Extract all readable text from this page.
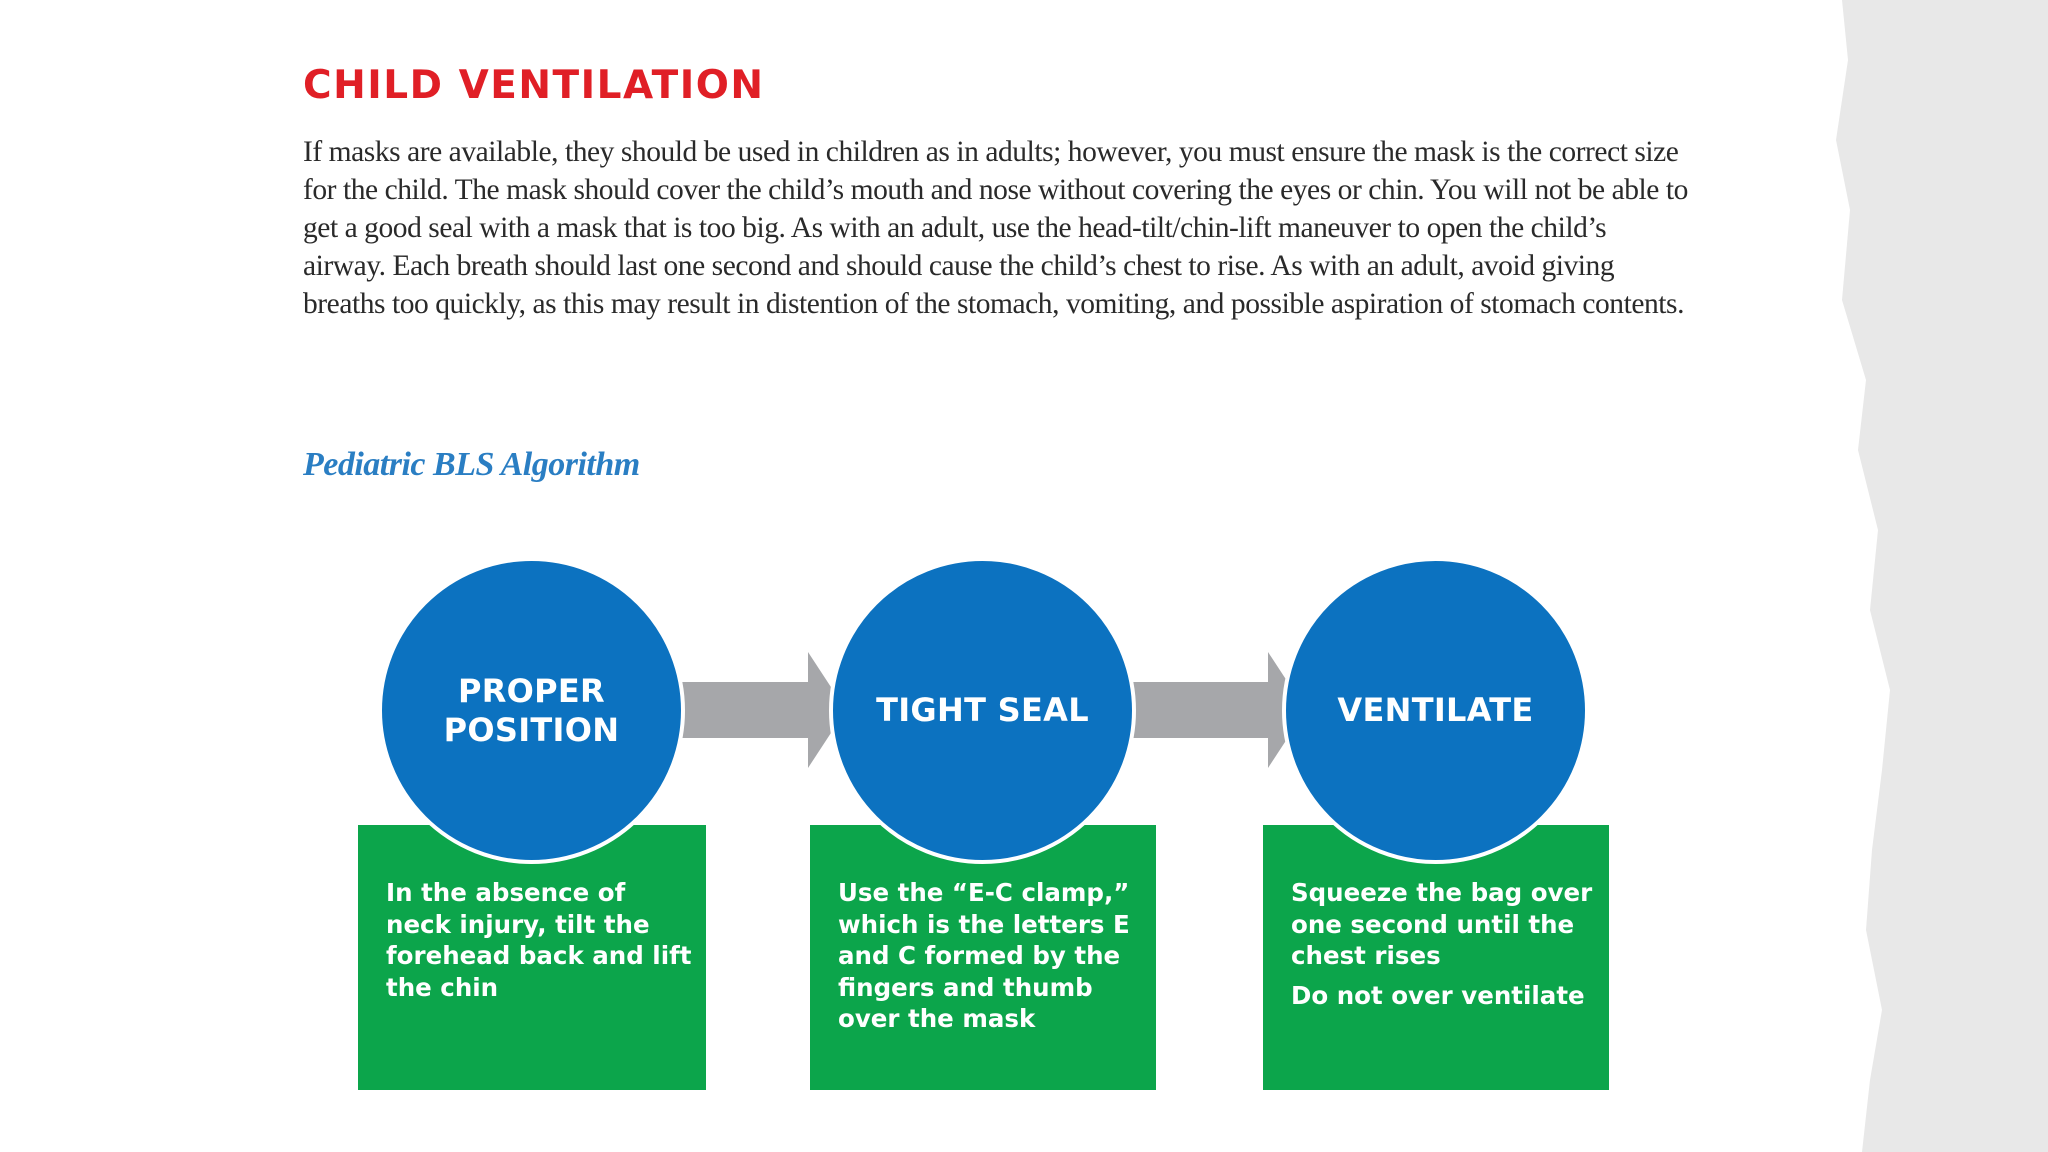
CHILD VENTILATION

If masks are available, they should be used in children as in adults; however, you must ensure the mask is the correct size for the child. The mask should cover the child’s mouth and nose without covering the eyes or chin. You will not be able to get a good seal with a mask that is too big. As with an adult, use the head-tilt/chin-lift maneuver to open the child’s airway. Each breath should last one second and should cause the child’s chest to rise. As with an adult, avoid giving breaths too quickly, as this may result in distention of the stomach, vomiting, and possible aspiration of stomach contents.

Pediatric BLS Algorithm

In the absence of neck injury, tilt the forehead back and lift the chin

Use the “E-C clamp,” which is the letters E and C formed by the fingers and thumb over the mask

Squeeze the bag over one second until the chest rises

Do not over ventilate

PROPER
POSITION
TIGHT SEAL	VENTILATE
